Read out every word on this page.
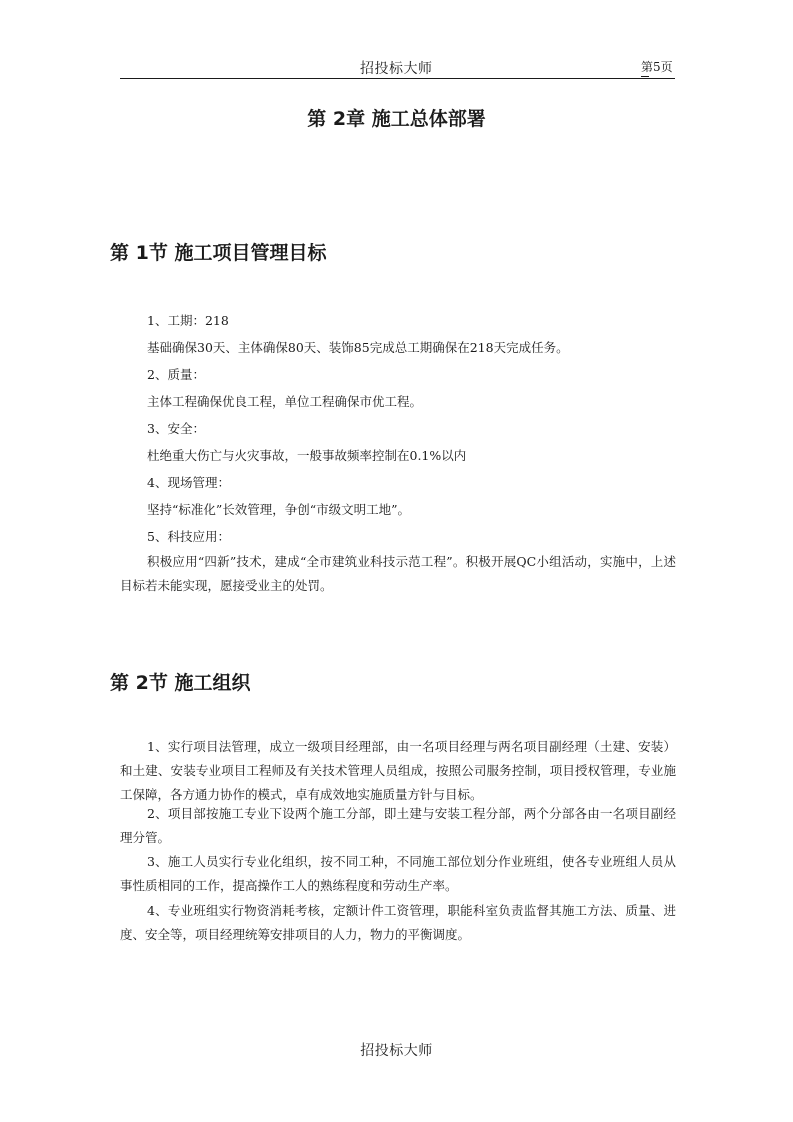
招投标大师	第5页
第 2章 施工总体部署
第 1节 施工项目管理目标
1、工期：218
基础确保30天、主体确保80天、装饰85完成总工期确保在218天完成任务。
2、质量：
主体工程确保优良工程，单位工程确保市优工程。
3、安全：
杜绝重大伤亡与火灾事故，一般事故频率控制在0.1%以内
4、现场管理：
坚持“标准化”长效管理，争创“市级文明工地”。
5、科技应用：
积极应用“四新”技术，建成“全市建筑业科技示范工程”。积极开展QC小组活动，实施中，上述目标若未能实现，愿接受业主的处罚。
第 2节 施工组织
1、实行项目法管理，成立一级项目经理部，由一名项目经理与两名项目副经理（土建、安装）和土建、安装专业项目工程师及有关技术管理人员组成，按照公司服务控制，项目授权管理，专业施工保障，各方通力协作的模式，卓有成效地实施质量方针与目标。
2、项目部按施工专业下设两个施工分部，即土建与安装工程分部，两个分部各由一名项目副经理分管。
3、施工人员实行专业化组织，按不同工种，不同施工部位划分作业班组，使各专业班组人员从事性质相同的工作，提高操作工人的熟练程度和劳动生产率。
4、专业班组实行物资消耗考核，定额计件工资管理，职能科室负责监督其施工方法、质量、进度、安全等，项目经理统筹安排项目的人力，物力的平衡调度。
招投标大师
